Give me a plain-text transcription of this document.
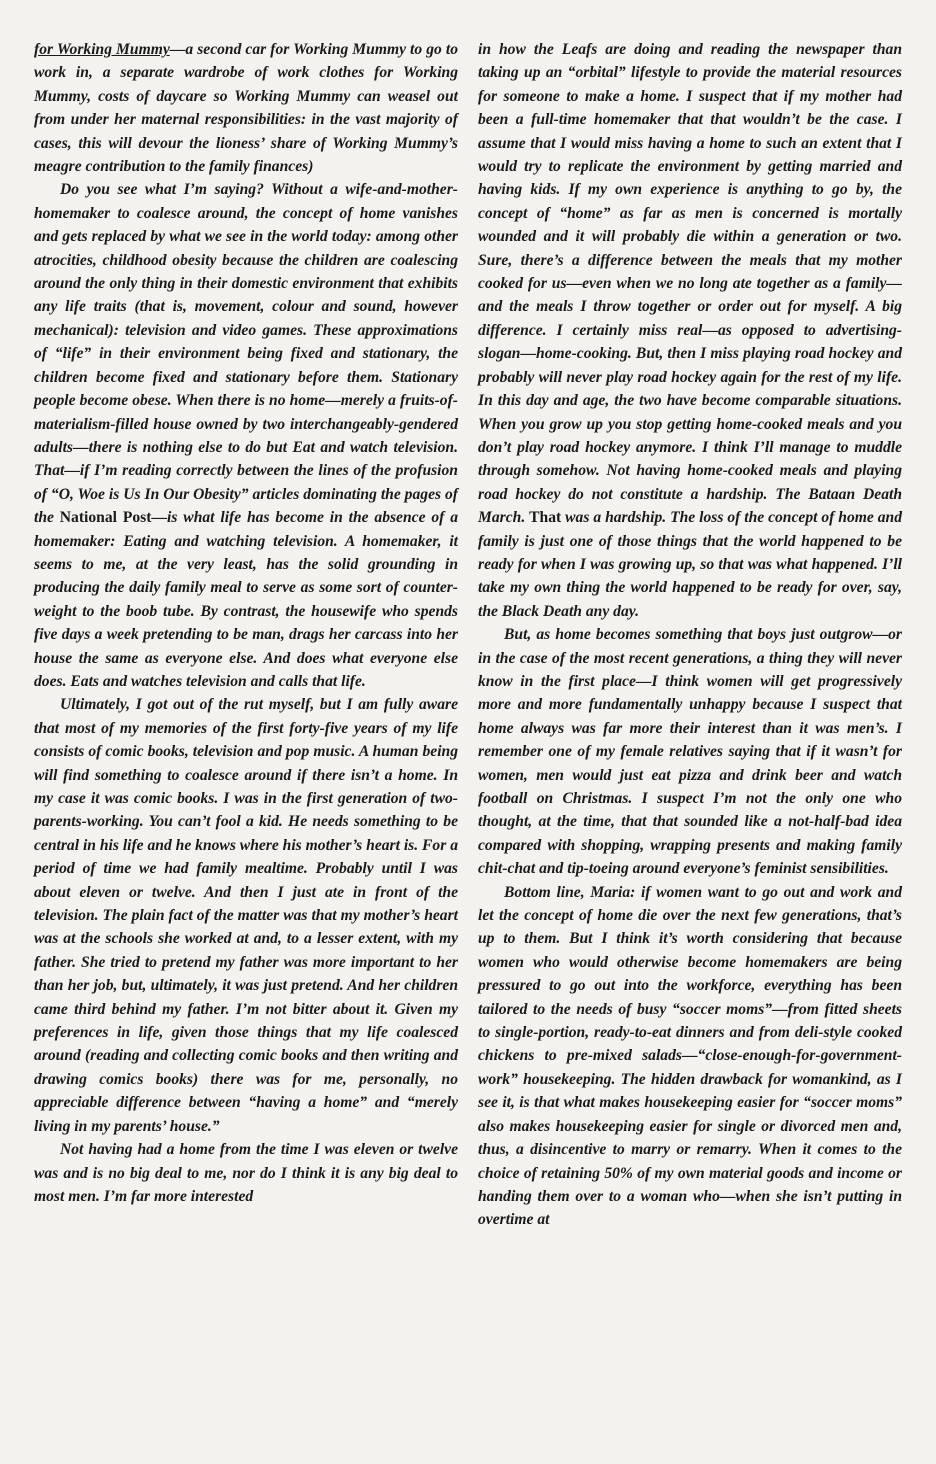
for Working Mummy—a second car for Working Mummy to go to work in, a separate wardrobe of work clothes for Working Mummy, costs of daycare so Working Mummy can weasel out from under her maternal responsibilities: in the vast majority of cases, this will devour the lioness’ share of Working Mummy’s meagre contribution to the family finances)

Do you see what I’m saying? Without a wife-and-mother-homemaker to coalesce around, the concept of home vanishes and gets replaced by what we see in the world today: among other atrocities, childhood obesity because the children are coalescing around the only thing in their domestic environment that exhibits any life traits (that is, movement, colour and sound, however mechanical): television and video games. These approximations of “life” in their environment being fixed and stationary, the children become fixed and stationary before them. Stationary people become obese. When there is no home—merely a fruits-of-materialism-filled house owned by two interchangeably-gendered adults—there is nothing else to do but Eat and watch television. That—if I’m reading correctly between the lines of the profusion of “O, Woe is Us In Our Obesity” articles dominating the pages of the National Post—is what life has become in the absence of a homemaker: Eating and watching television. A homemaker, it seems to me, at the very least, has the solid grounding in producing the daily family meal to serve as some sort of counter-weight to the boob tube. By contrast, the housewife who spends five days a week pretending to be man, drags her carcass into her house the same as everyone else. And does what everyone else does. Eats and watches television and calls that life.

Ultimately, I got out of the rut myself, but I am fully aware that most of my memories of the first forty-five years of my life consists of comic books, television and pop music. A human being will find something to coalesce around if there isn’t a home. In my case it was comic books. I was in the first generation of two-parents-working. You can’t fool a kid. He needs something to be central in his life and he knows where his mother’s heart is. For a period of time we had family mealtime. Probably until I was about eleven or twelve. And then I just ate in front of the television. The plain fact of the matter was that my mother’s heart was at the schools she worked at and, to a lesser extent, with my father. She tried to pretend my father was more important to her than her job, but, ultimately, it was just pretend. And her children came third behind my father. I’m not bitter about it. Given my preferences in life, given those things that my life coalesced around (reading and collecting comic books and then writing and drawing comics books) there was for me, personally, no appreciable difference between “having a home” and “merely living in my parents’ house.”

Not having had a home from the time I was eleven or twelve was and is no big deal to me, nor do I think it is any big deal to most men. I’m far more interested

in how the Leafs are doing and reading the newspaper than taking up an “orbital” lifestyle to provide the material resources for someone to make a home. I suspect that if my mother had been a full-time homemaker that that wouldn’t be the case. I assume that I would miss having a home to such an extent that I would try to replicate the environment by getting married and having kids. If my own experience is anything to go by, the concept of “home” as far as men is concerned is mortally wounded and it will probably die within a generation or two. Sure, there’s a difference between the meals that my mother cooked for us—even when we no long ate together as a family—and the meals I throw together or order out for myself. A big difference. I certainly miss real—as opposed to advertising-slogan—home-cooking. But, then I miss playing road hockey and probably will never play road hockey again for the rest of my life. In this day and age, the two have become comparable situations. When you grow up you stop getting home-cooked meals and you don’t play road hockey anymore. I think I’ll manage to muddle through somehow. Not having home-cooked meals and playing road hockey do not constitute a hardship. The Bataan Death March. That was a hardship. The loss of the concept of home and family is just one of those things that the world happened to be ready for when I was growing up, so that was what happened. I’ll take my own thing the world happened to be ready for over, say, the Black Death any day.

But, as home becomes something that boys just outgrow—or in the case of the most recent generations, a thing they will never know in the first place—I think women will get progressively more and more fundamentally unhappy because I suspect that home always was far more their interest than it was men’s. I remember one of my female relatives saying that if it wasn’t for women, men would just eat pizza and drink beer and watch football on Christmas. I suspect I’m not the only one who thought, at the time, that that sounded like a not-half-bad idea compared with shopping, wrapping presents and making family chit-chat and tip-toeing around everyone’s feminist sensibilities.

Bottom line, Maria: if women want to go out and work and let the concept of home die over the next few generations, that’s up to them. But I think it’s worth considering that because women who would otherwise become homemakers are being pressured to go out into the workforce, everything has been tailored to the needs of busy “soccer moms”—from fitted sheets to single-portion, ready-to-eat dinners and from deli-style cooked chickens to pre-mixed salads—“close-enough-for-government-work” housekeeping. The hidden drawback for womankind, as I see it, is that what makes housekeeping easier for “soccer moms” also makes housekeeping easier for single or divorced men and, thus, a disincentive to marry or remarry. When it comes to the choice of retaining 50% of my own material goods and income or handing them over to a woman who—when she isn’t putting in overtime at
